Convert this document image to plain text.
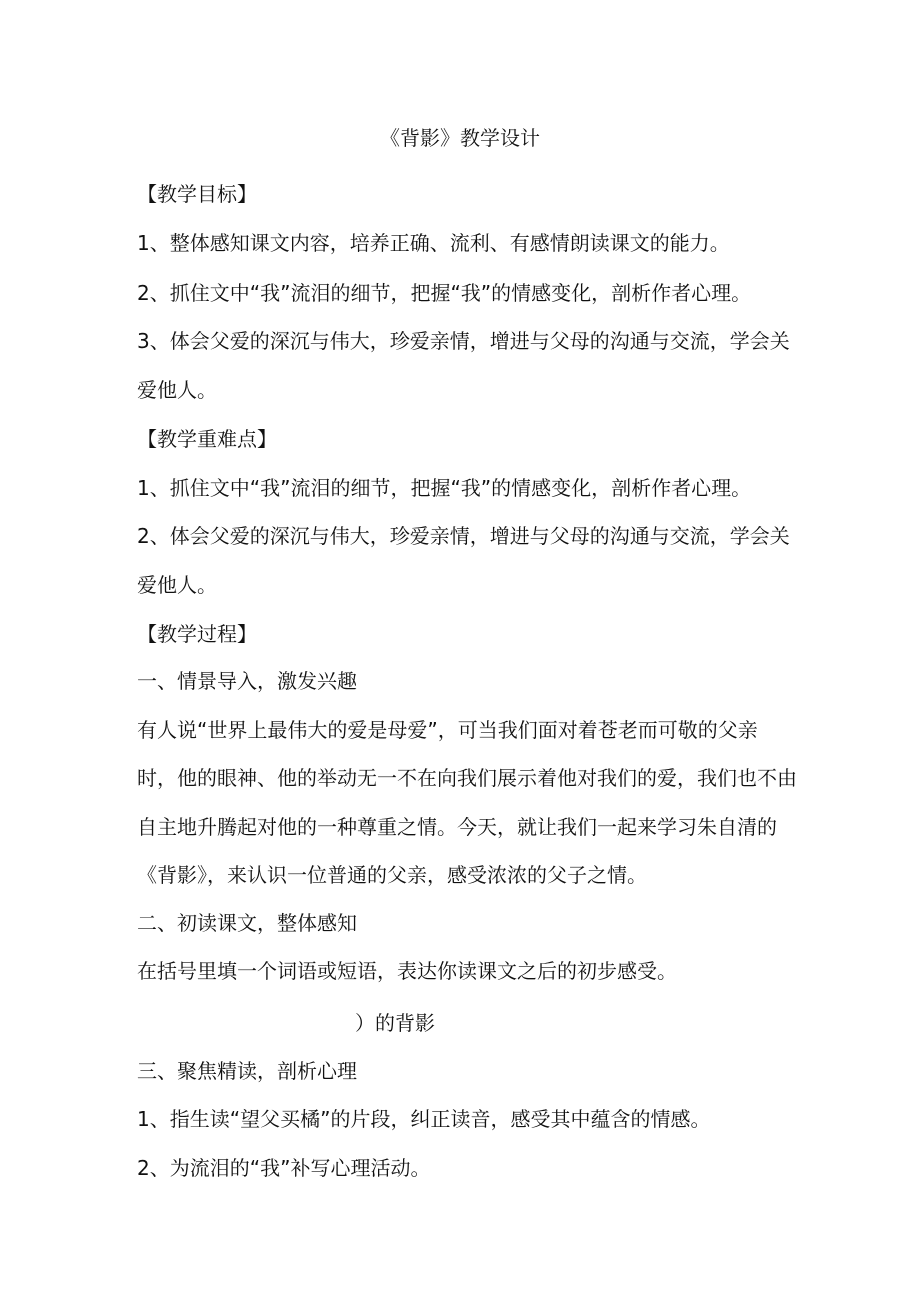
《背影》教学设计
【教学目标】
1、整体感知课文内容，培养正确、流利、有感情朗读课文的能力。
2、抓住文中“我”流泪的细节，把握“我”的情感变化，剖析作者心理。
3、体会父爱的深沉与伟大，珍爱亲情，增进与父母的沟通与交流，学会关
爱他人。
【教学重难点】
1、抓住文中“我”流泪的细节，把握“我”的情感变化，剖析作者心理。
2、体会父爱的深沉与伟大，珍爱亲情，增进与父母的沟通与交流，学会关
爱他人。
【教学过程】
一、情景导入，激发兴趣
有人说“世界上最伟大的爱是母爱”，可当我们面对着苍老而可敬的父亲
时，他的眼神、他的举动无一不在向我们展示着他对我们的爱，我们也不由
自主地升腾起对他的一种尊重之情。今天，就让我们一起来学习朱自清的
《背影》，来认识一位普通的父亲，感受浓浓的父子之情。
二、初读课文，整体感知
在括号里填一个词语或短语，表达你读课文之后的初步感受。
）的背影
三、聚焦精读，剖析心理
1、指生读“望父买橘”的片段，纠正读音，感受其中蕴含的情感。
2、为流泪的“我”补写心理活动。
